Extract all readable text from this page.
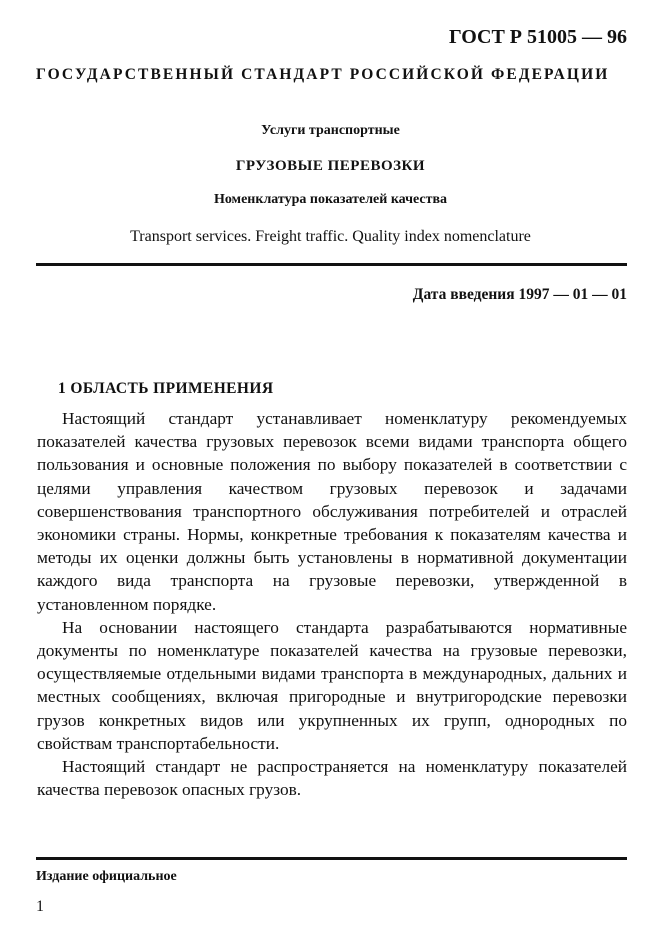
ГОСТ Р 51005 — 96
ГОСУДАРСТВЕННЫЙ СТАНДАРТ РОССИЙСКОЙ ФЕДЕРАЦИИ
Услуги транспортные
ГРУЗОВЫЕ ПЕРЕВОЗКИ
Номенклатура показателей качества
Transport services. Freight traffic. Quality index nomenclature
Дата введения 1997 — 01 — 01
1 ОБЛАСТЬ ПРИМЕНЕНИЯ

Настоящий стандарт устанавливает номенклатуру рекомендуемых показателей качества грузовых перевозок всеми видами транспорта общего пользования и основные положения по выбору показателей в соответствии с целями управления качеством грузовых перевозок и задачами совершенствования транспортного обслуживания потребителей и отраслей экономики страны. Нормы, конкретные требования к показателям качества и методы их оценки должны быть установлены в нормативной документации каждого вида транспорта на грузовые перевозки, утвержденной в установленном порядке.

На основании настоящего стандарта разрабатываются нормативные документы по номенклатуре показателей качества на грузовые перевозки, осуществляемые отдельными видами транспорта в международных, дальних и местных сообщениях, включая пригородные и внутригородские перевозки грузов конкретных видов или укрупненных их групп, однородных по свойствам транспортабельности.

Настоящий стандарт не распространяется на номенклатуру показателей качества перевозок опасных грузов.

Издание официальное
1
